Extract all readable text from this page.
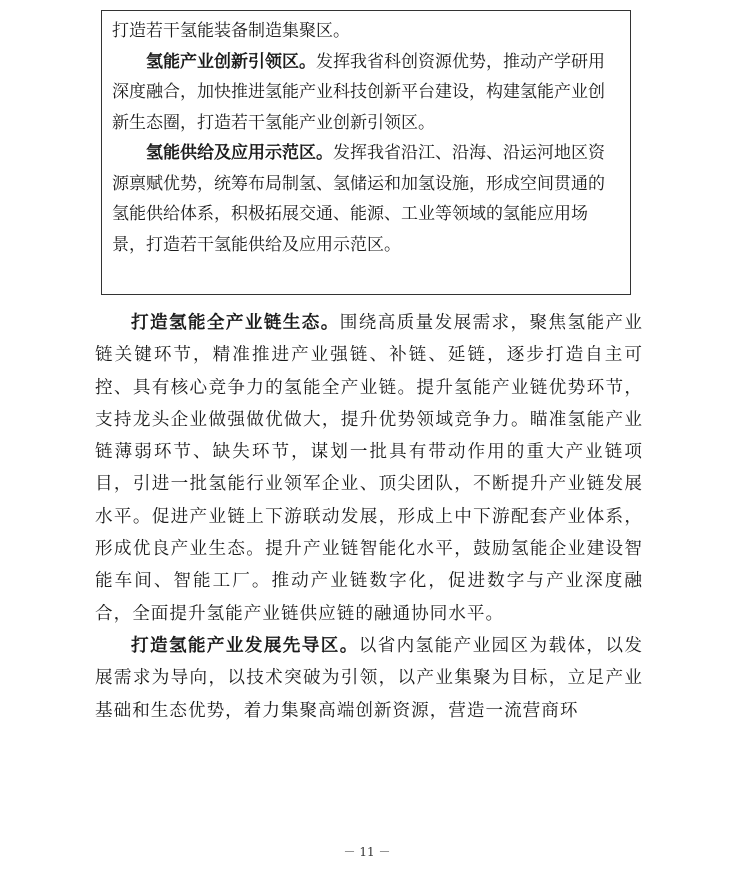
打造若干氢能装备制造集聚区。

氢能产业创新引领区。发挥我省科创资源优势，推动产学研用深度融合，加快推进氢能产业科技创新平台建设，构建氢能产业创新生态圈，打造若干氢能产业创新引领区。

氢能供给及应用示范区。发挥我省沿江、沿海、沿运河地区资源禀赋优势，统筹布局制氢、氢储运和加氢设施，形成空间贯通的氢能供给体系，积极拓展交通、能源、工业等领域的氢能应用场景，打造若干氢能供给及应用示范区。

打造氢能全产业链生态。围绕高质量发展需求，聚焦氢能产业链关键环节，精准推进产业强链、补链、延链，逐步打造自主可控、具有核心竞争力的氢能全产业链。提升氢能产业链优势环节，支持龙头企业做强做优做大，提升优势领域竞争力。瞄准氢能产业链薄弱环节、缺失环节，谋划一批具有带动作用的重大产业链项目，引进一批氢能行业领军企业、顶尖团队，不断提升产业链发展水平。促进产业链上下游联动发展，形成上中下游配套产业体系，形成优良产业生态。提升产业链智能化水平，鼓励氢能企业建设智能车间、智能工厂。推动产业链数字化，促进数字与产业深度融合，全面提升氢能产业链供应链的融通协同水平。

打造氢能产业发展先导区。以省内氢能产业园区为载体，以发展需求为导向，以技术突破为引领，以产业集聚为目标，立足产业基础和生态优势，着力集聚高端创新资源，营造一流营商环

－ 11 －
